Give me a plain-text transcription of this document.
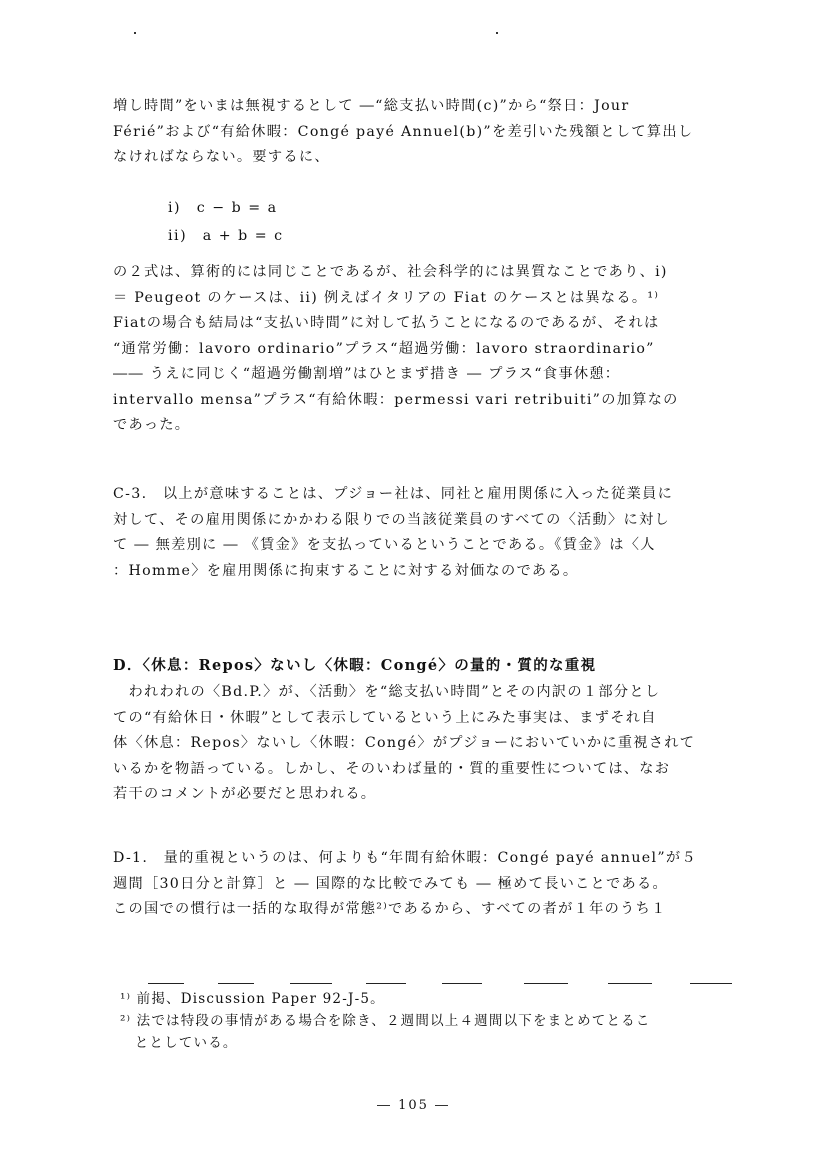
増し時間”をいまは無視するとして ―“総支払い時間(c)”から“祭日：Jour
Férié”および“有給休暇：Congé payé Annuel(b)”を差引いた残額として算出し
なければならない。要するに、
i)　c − b = a
ii)　a + b = c
の２式は、算術的には同じことであるが、社会科学的には異質なことであり、i)
＝ Peugeot のケースは、ii) 例えばイタリアの Fiat のケースとは異なる。¹⁾
Fiatの場合も結局は“支払い時間”に対して払うことになるのであるが、それは
“通常労働：lavoro ordinario”プラス“超過労働：lavoro straordinario”
―― うえに同じく“超過労働割増”はひとまず措き ― プラス“食事休憩：
intervallo mensa”プラス“有給休暇：permessi vari retribuiti”の加算なの
であった。
C-3.　以上が意味することは、プジョー社は、同社と雇用関係に入った従業員に
対して、その雇用関係にかかわる限りでの当該従業員のすべての〈活動〉に対し
て ― 無差別に ― 《賃金》を支払っているということである。《賃金》は〈人
：Homme〉を雇用関係に拘束することに対する対価なのである。
D．〈休息：Repos〉ないし〈休暇：Congé〉の量的・質的な重視
　われわれの〈Bd.P.〉が、〈活動〉を“総支払い時間”とその内訳の１部分とし
ての“有給休日・休暇”として表示しているという上にみた事実は、まずそれ自
体〈休息：Repos〉ないし〈休暇：Congé〉がプジョーにおいていかに重視されて
いるかを物語っている。しかし、そのいわば量的・質的重要性については、なお
若干のコメントが必要だと思われる。
D-1.　量的重視というのは、何よりも“年間有給休暇：Congé payé annuel”が５
週間［30日分と計算］と ― 国際的な比較でみても ― 極めて長いことである。
この国での慣行は一括的な取得が常態²⁾であるから、すべての者が１年のうち１
¹⁾ 前掲、Discussion Paper 92-J-5。
²⁾ 法では特段の事情がある場合を除き、２週間以上４週間以下をまとめてとるこ
　ととしている。
― 105 ―
